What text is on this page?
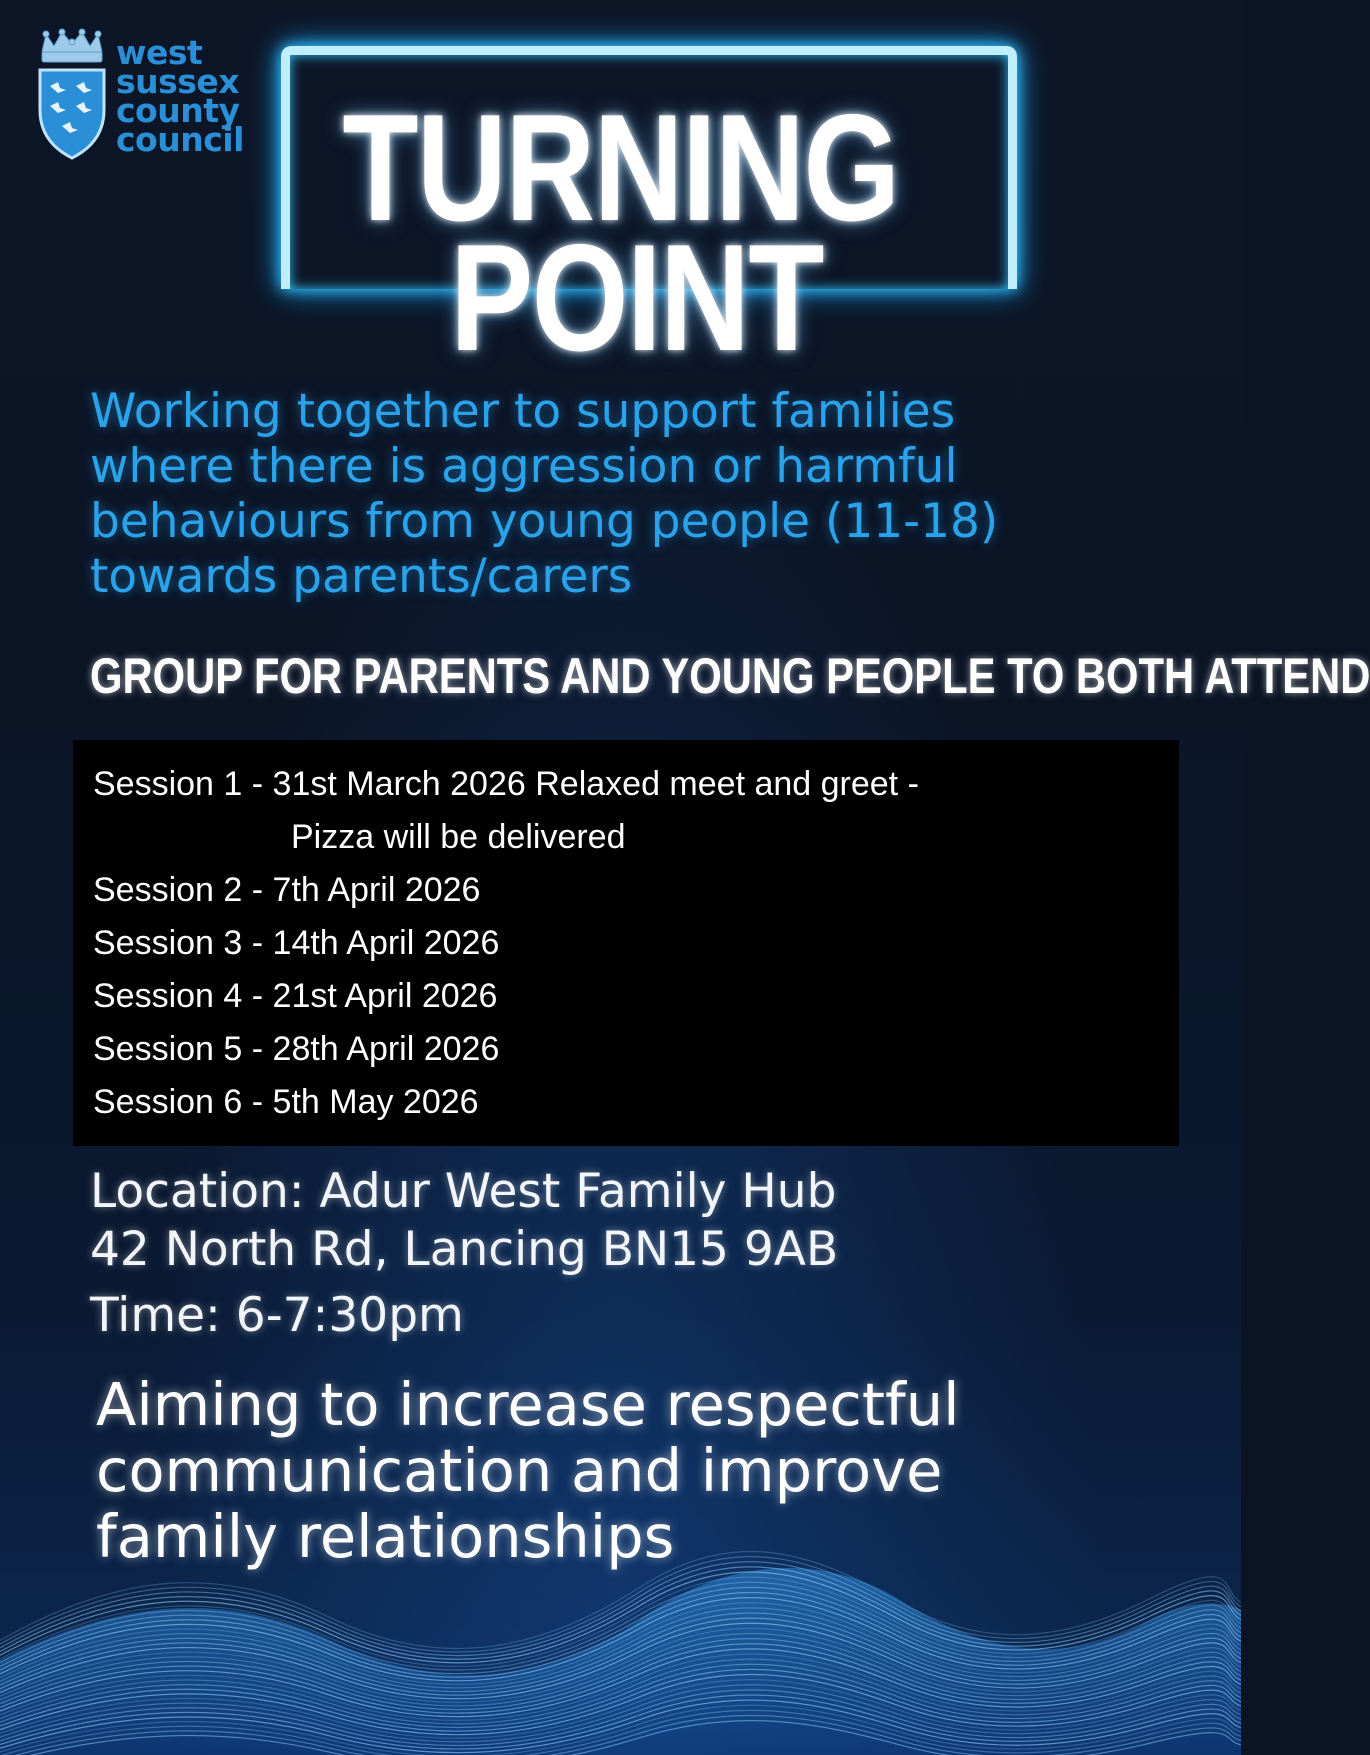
west
sussex
county
council TURNING
POINT
Working together to support families
where there is aggression or harmful
behaviours from young people (11-18)
towards parents/carers
GROUP FOR PARENTS AND YOUNG PEOPLE TO BOTH ATTEND
Session 1 - 31st March 2026 Relaxed meet and greet -
Pizza will be delivered
Session 2 - 7th April 2026
Session 3 - 14th April 2026
Session 4 - 21st April 2026
Session 5 - 28th April 2026
Session 6 - 5th May 2026
Location: Adur West Family Hub
42 North Rd, Lancing BN15 9AB
Time: 6-7:30pm
Aiming to increase respectful
communication and improve
family relationships
